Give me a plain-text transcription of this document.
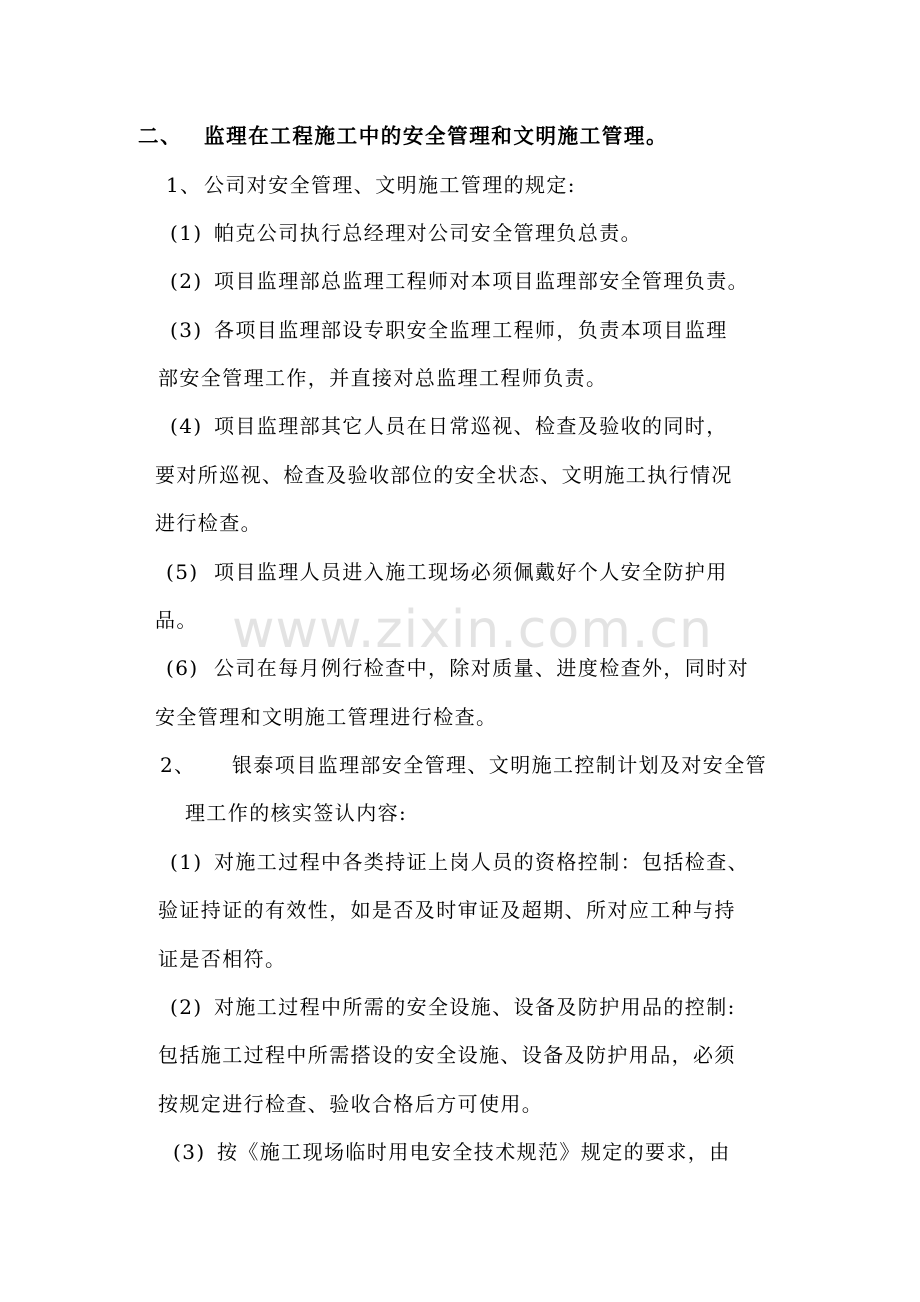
www.zixin.com.cn
二、 监理在工程施工中的安全管理和文明施工管理。
1、 公司对安全管理、文明施工管理的规定:
(1) 帕克公司执行总经理对公司安全管理负总责。
(2) 项目监理部总监理工程师对本项目监理部安全管理负责。
(3) 各项目监理部设专职安全监理工程师，负责本项目监理
部安全管理工作，并直接对总监理工程师负责。
(4) 项目监理部其它人员在日常巡视、检查及验收的同时，
要对所巡视、检查及验收部位的安全状态、文明施工执行情况
进行检查。
(5) 项目监理人员进入施工现场必须佩戴好个人安全防护用
品。
(6) 公司在每月例行检查中，除对质量、进度检查外，同时对
安全管理和文明施工管理进行检查。
2、 银泰项目监理部安全管理、文明施工控制计划及对安全管
理工作的核实签认内容:
(1) 对施工过程中各类持证上岗人员的资格控制：包括检查、
验证持证的有效性，如是否及时审证及超期、所对应工种与持
证是否相符。
(2) 对施工过程中所需的安全设施、设备及防护用品的控制:
包括施工过程中所需搭设的安全设施、设备及防护用品，必须
按规定进行检查、验收合格后方可使用。
(3) 按《施工现场临时用电安全技术规范》规定的要求，由
